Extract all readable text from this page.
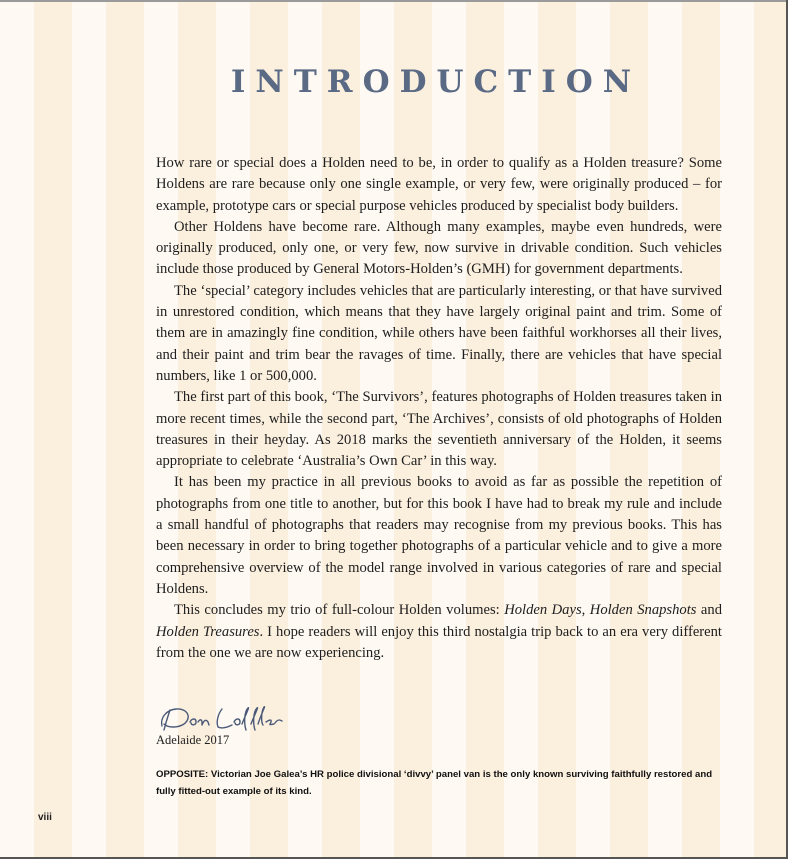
INTRODUCTION

How rare or special does a Holden need to be, in order to qualify as a Holden treasure? Some Holdens are rare because only one single example, or very few, were originally produced – for example, prototype cars or special purpose vehicles produced by specialist body builders.

Other Holdens have become rare. Although many examples, maybe even hundreds, were originally produced, only one, or very few, now survive in drivable condition. Such vehicles include those produced by General Motors-Holden’s (GMH) for government departments.

The ‘special’ category includes vehicles that are particularly interesting, or that have survived in unrestored condition, which means that they have largely original paint and trim. Some of them are in amazingly fine condition, while others have been faithful workhorses all their lives, and their paint and trim bear the ravages of time. Finally, there are vehicles that have special numbers, like 1 or 500,000.

The first part of this book, ‘The Survivors’, features photographs of Holden treasures taken in more recent times, while the second part, ‘The Archives’, consists of old photographs of Holden treasures in their heyday. As 2018 marks the seventieth anniversary of the Holden, it seems appropriate to celebrate ‘Australia’s Own Car’ in this way.

It has been my practice in all previous books to avoid as far as possible the repetition of photographs from one title to another, but for this book I have had to break my rule and include a small handful of photographs that readers may recognise from my previous books. This has been necessary in order to bring together photographs of a particular vehicle and to give a more comprehensive overview of the model range involved in various categories of rare and special Holdens.

This concludes my trio of full-colour Holden volumes: Holden Days, Holden Snapshots and Holden Treasures. I hope readers will enjoy this third nostalgia trip back to an era very different from the one we are now experiencing.

Adelaide 2017
OPPOSITE: Victorian Joe Galea’s HR police divisional ‘divvy’ panel van is the only known surviving faithfully restored and fully fitted-out example of its kind.
viii
